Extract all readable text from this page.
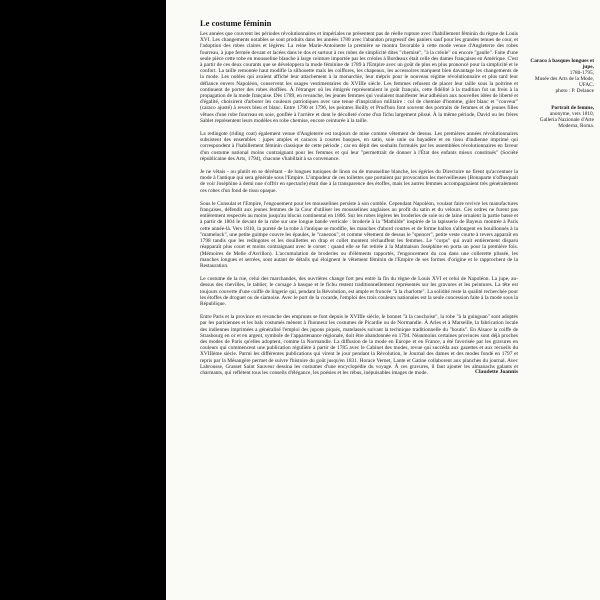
Le costume féminin

Les années que couvrent les périodes révolutionnaires et impériales ne présentent pas de réelle rupture avec l'habillement féminin du règne de Louis XVI. Les changements notables se sont produits dans les années 1780 avec l'abandon progressif des paniers sauf pour les grandes tenues de cour, et l'adoption des robes claires et légères. La reine Marie-Antoinette la première se montra favorable à cette mode venue d'Angleterre des robes fourreau, à jupe fermée devant et lacées dans le dos et surtout à ces robes de simplicité dites "chemise", "à la créole" ou encore "gaulle". Faite d'une seule pièce cette robe en mousseline blanche à large ceinture importée par les créoles à Bordeaux était celle des dames françaises en Amérique. C'est à partir de ces deux courants que se développera la mode féminine de 1789 à l'Empire avec un goût de plus en plus prononcé pour la simplicité et le confort. La taille remontée haut modifie la silhouette mais les coiffures, les chapeaux, les accessoires marquent bien davantage les changements de la mode. Les nobles qui avaient affiché leur attachement à la monarchie, leur mépris pour le nouveau régime révolutionnaire et plus tard leur défiance envers Napoléon, conservent les usages vestimentaires du XVIIIe siècle. Les femmes refusent de placer leur taille sous la poitrine et continuent de porter des robes étoffées. À l'étranger où les émigrés représentaient le goût français, cette fidélité à la tradition fut un frein à la propagation de la mode française. Dès 1789, en revanche, les jeunes femmes qui voulaient manifester leur adhésion aux nouvelles idées de liberté et d'égalité, choisirent d'arborer les couleurs patriotiques avec une tenue d'inspiration militaire : col de chemise d'homme, gilet blanc et "couveur" (caraco ajusté) à revers bleu et blanc. Entre 1790 et 1796, les peintres Boilly et Prud'hon font souvent des portraits de femmes et de jeunes filles vêtues d'une robe fourreau en soie, gonflée à l'arrière et dont le décolleté s'orne d'un fichu largement plissé. À la même période, David ou les frères Sablet représentent leurs modèles en robe chemise, encore ceinturée à la taille.

La redingote (riding coat) également venue d'Angleterre est toujours de mise comme vêtement de dessus. Les premières années révolutionnaires subsistent des ensembles : jupes amples et caracos à courtes basques, en satin, soie unie ou bayadère et en tissu d'indienne imprimé qui correspondent à l'habillement féminin classique de cette période ; car en dépit des souhaits formulés par les assemblées révolutionnaires en faveur d'un costume national moins contraignant pour les femmes et qui leur "permettrait de donner à l'État des enfants mieux constitués" (Société républicaine des Arts, 1794), chacune s'habillait à sa convenance.

Je ne vêtais - ou plutôt en se dévêtant - de longues tuniques de linon ou de mousseline blanche, les égéries du Directoire ne firent qu'accentuer la mode à l'antique qui sera générale sous l'Empire. L'impudeur de ces toilettes que portaient par provocation les merveilleuses (Bonaparte n'offusquait de voir Joséphine à demi nue s'offrir en spectacle) était due à la transparence des étoffes, mais les autres femmes accompagnaient très généralement ces robes d'un fond de tissu opaque.

Sous le Consulat et l'Empire, l'engouement pour les mousselines persiste à son comble. Cependant Napoléon, voulant faire revivre les manufactures françaises, défendit aux jeunes femmes de la Cour d'utiliser les mousselines anglaises au profit du satin et du velours. Ces ordres ne furent pas entièrement respectés au moins jusqu'au blocus continental en 1806. Sur les robes légères les broderies de soie ou de laine ornaient la partie basse et à partir de 1804 le devant de la robe sur une longue bande verticale : broderie à la "Mathilde" inspirée de la tapisserie de Bayeux montrée à Paris cette année-là. Vers 1810, la pureté de la robe à l'antique se modifie, les manches d'abord courtes et de forme ballon s'allongent en bouillonnés à la "mameluck", une petite guimpe couvre les épaules, le "canezou", et comme vêtement de dessus le "spencer", petite veste courte à revers apparaît en 1798 tandis que les redingotes et les douillettes en drap et collet montent réchauffent les femmes. Le "corps" qui avait entièrement disparu réapparaît plus court et moins contraignant avec le corset : quand elle se fut retirée à la Malmaison Joséphine en porta un pour la première fois. (Mémoires de Melle d'Avrillon). L'accumulation de broderies ou d'éléments rapportés, l'engoncement du cou dans une collerette plissée, les manches longues et serrées, sont autant de détails qui éloignent le vêtement féminin de l'Empire de ses formes d'origine et le rapprochent de la Restauration.

Le costume de la rue, celui des marchandes, des ouvrières change fort peu entre la fin du règne de Louis XVI et celui de Napoléon. La jupe, au-dessus des chevilles, le tablier, le corsage à basque et le fichu restent traditionnellement représentés sur les gravures et les peintures. La tête est toujours couverte d'une coiffe de lingerie qui, pendant la Révolution, est ample et froncée "à la charlotte". La solidité reste la qualité recherchée pour les étoffes de droguet ou de siamoise. Avec le port de la cocarde, l'emploi des trois couleurs nationales est la seule concession faite à la mode sous la République.

Entre Paris et la province en revanche des emprunts se font depuis le XVIIIe siècle, le bonnet "à la cauchoise", la robe "à la guinguan" sont adoptés par les parisiennes et les bals costumés mènent à l'honneur les costumes de Picardie ou de Normandie. À Arles et à Marseille, la fabrication locale des indiennes imprimées a généralisé l'emploi des jupons piqués, matelassés suivant la technique traditionnelle du "boutis". En Alsace la coiffe de Strasbourg en or et en argent, symbole de l'appartenance régionale, doit être abandonnée en 1794. Néanmoins certaines provinces sont déjà proches des modes de Paris qu'elles adoptent, comme la Normandie. La diffusion de la mode en Europe et en France, a été favorisée par les gravures en couleurs qui commencent une publication régulière à partir de 1785 avec le Cabinet des modes, revue qui succéda aux gazettes et aux recueils du XVIIIème siècle. Parmi les différentes publications qui virent le jour pendant la Révolution, le Journal des dames et des modes fondé en 1797 et repris par la Mésangère permet de suivre l'histoire du goût jusqu'en 1831. Horace Vernet, Lante et Gatine collaborent aux planches du journal. Avec Labrousse, Grasset Saint Sauveur dessina les costumes d'une encyclopédie du voyage. À ces gravures, il faut ajouter les almanachs galants et charmants, qui reflètent tous les conseils d'élégance, les poésies et les rébus, inépuisables images de mode.	Claudette Joannis
Caraco à basques longues et jupe,
1780-1795,
Musée des Arts de la Mode, UFAC.
photo : P. Delance
Portrait de femme,
anonyme, vers 1810,
Galleria Nazionale d'Arte Moderna, Roma.
